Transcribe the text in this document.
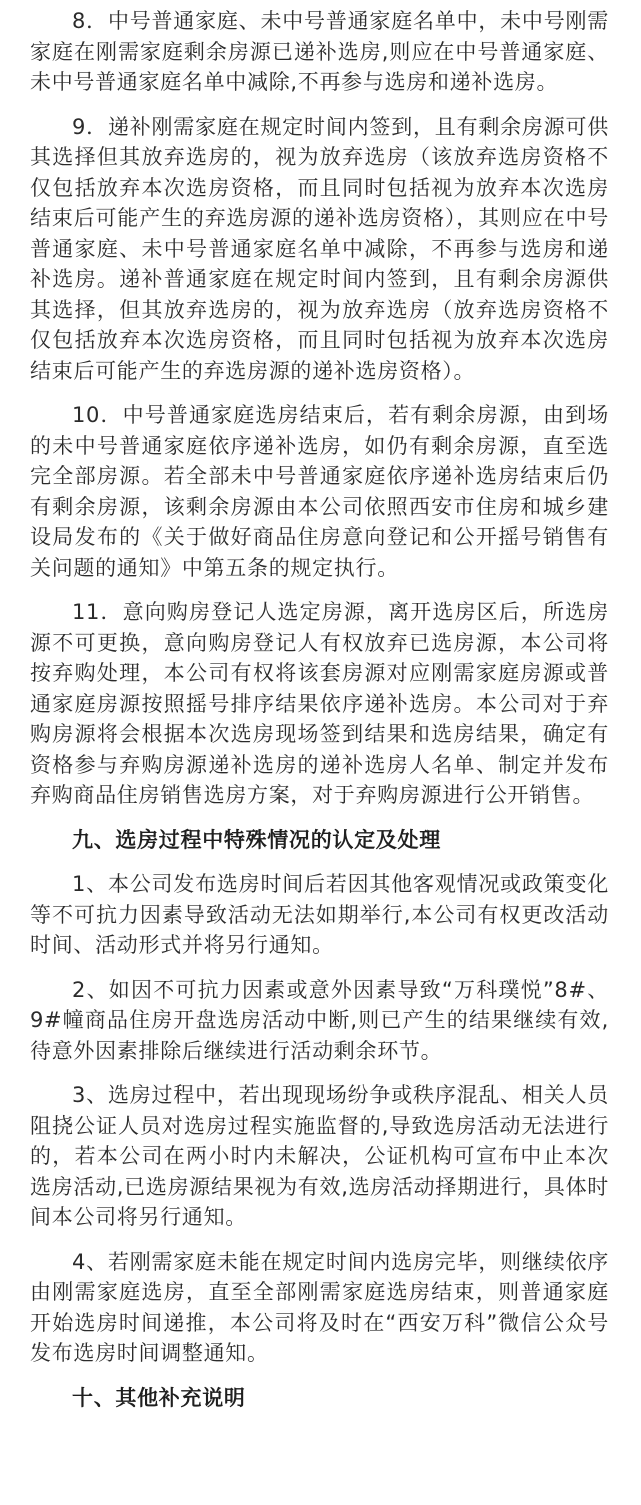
8．中号普通家庭、未中号普通家庭名单中，未中号刚需家庭在刚需家庭剩余房源已递补选房,则应在中号普通家庭、未中号普通家庭名单中减除,不再参与选房和递补选房。

9．递补刚需家庭在规定时间内签到，且有剩余房源可供其选择但其放弃选房的，视为放弃选房（该放弃选房资格不仅包括放弃本次选房资格，而且同时包括视为放弃本次选房结束后可能产生的弃选房源的递补选房资格），其则应在中号普通家庭、未中号普通家庭名单中减除，不再参与选房和递补选房。递补普通家庭在规定时间内签到，且有剩余房源供其选择，但其放弃选房的，视为放弃选房（放弃选房资格不仅包括放弃本次选房资格，而且同时包括视为放弃本次选房结束后可能产生的弃选房源的递补选房资格）。

10．中号普通家庭选房结束后，若有剩余房源，由到场的未中号普通家庭依序递补选房，如仍有剩余房源，直至选完全部房源。若全部未中号普通家庭依序递补选房结束后仍有剩余房源，该剩余房源由本公司依照西安市住房和城乡建设局发布的《关于做好商品住房意向登记和公开摇号销售有关问题的通知》中第五条的规定执行。

11．意向购房登记人选定房源，离开选房区后，所选房源不可更换，意向购房登记人有权放弃已选房源，本公司将按弃购处理，本公司有权将该套房源对应刚需家庭房源或普通家庭房源按照摇号排序结果依序递补选房。本公司对于弃购房源将会根据本次选房现场签到结果和选房结果，确定有资格参与弃购房源递补选房的递补选房人名单、制定并发布弃购商品住房销售选房方案，对于弃购房源进行公开销售。

九、选房过程中特殊情况的认定及处理

1、本公司发布选房时间后若因其他客观情况或政策变化等不可抗力因素导致活动无法如期举行,本公司有权更改活动时间、活动形式并将另行通知。

2、如因不可抗力因素或意外因素导致“万科璞悦”8#、9#幢商品住房开盘选房活动中断,则已产生的结果继续有效,待意外因素排除后继续进行活动剩余环节。

3、选房过程中，若出现现场纷争或秩序混乱、相关人员阻挠公证人员对选房过程实施监督的,导致选房活动无法进行的，若本公司在两小时内未解决，公证机构可宣布中止本次选房活动,已选房源结果视为有效,选房活动择期进行，具体时间本公司将另行通知。

4、若刚需家庭未能在规定时间内选房完毕，则继续依序由刚需家庭选房，直至全部刚需家庭选房结束，则普通家庭开始选房时间递推，本公司将及时在“西安万科”微信公众号发布选房时间调整通知。

十、其他补充说明
